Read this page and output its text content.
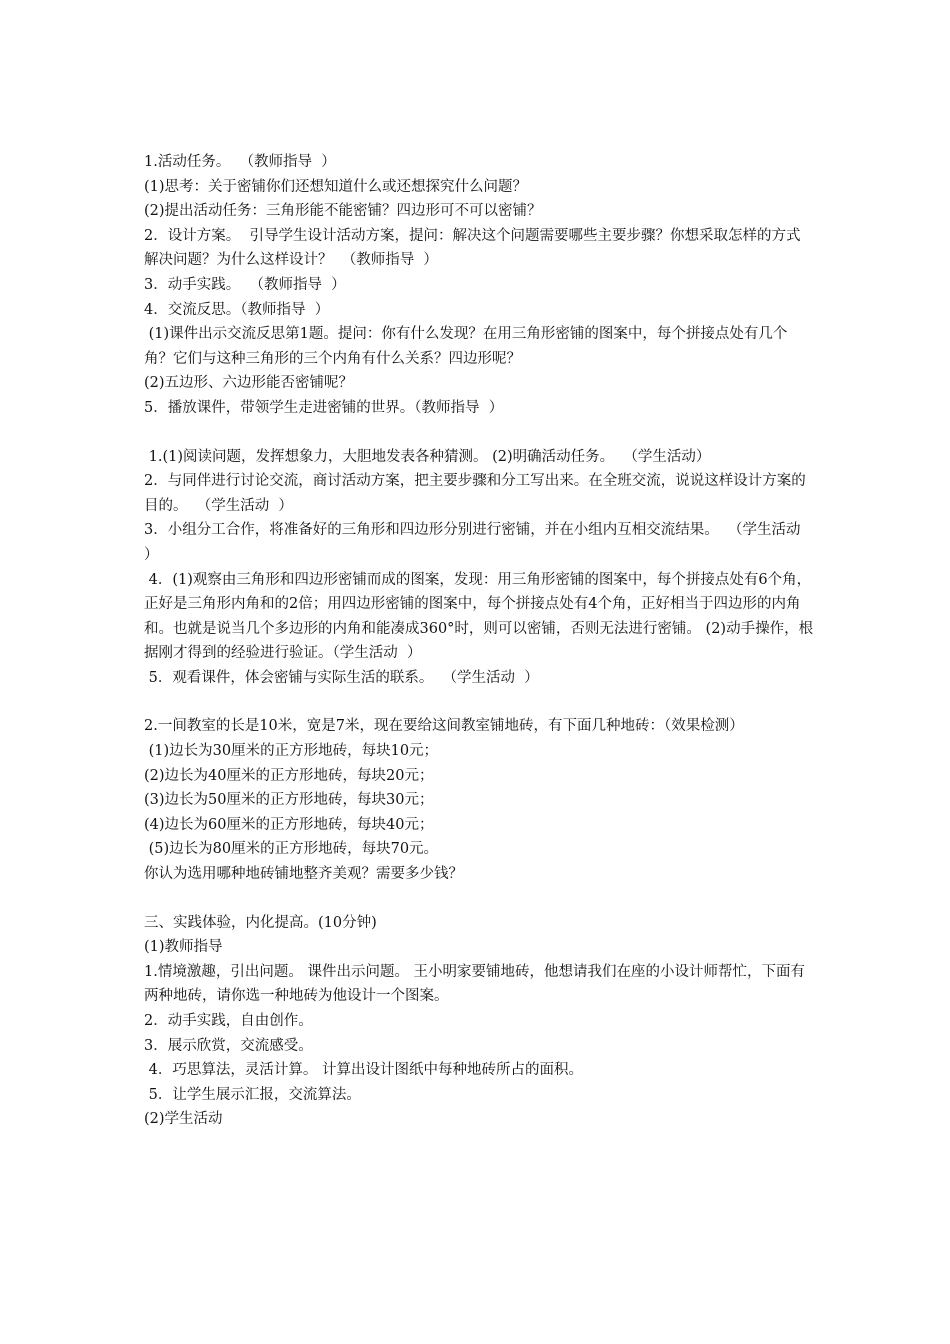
1.活动任务。  （教师指导  ）

(1)思考：关于密铺你们还想知道什么或还想探究什么问题？

(2)提出活动任务：三角形能不能密铺？四边形可不可以密铺？

2．设计方案。  引导学生设计活动方案，提问：解决这个问题需要哪些主要步骤？你想采取怎样的方式解决问题？为什么这样设计？  （教师指导  ）

3．动手实践。  （教师指导  ）

4．交流反思。（教师指导  ）

(1)课件出示交流反思第1题。提问：你有什么发现？在用三角形密铺的图案中，每个拼接点处有几个角？它们与这种三角形的三个内角有什么关系？四边形呢？

(2)五边形、六边形能否密铺呢？

5．播放课件，带领学生走进密铺的世界。（教师指导  ）

1.(1)阅读问题，发挥想象力，大胆地发表各种猜测。 (2)明确活动任务。  （学生活动）

2．与同伴进行讨论交流，商讨活动方案，把主要步骤和分工写出来。在全班交流，说说这样设计方案的目的。  （学生活动  ）

3．小组分工合作，将准备好的三角形和四边形分别进行密铺，并在小组内互相交流结果。  （学生活动  ）

4．(1)观察由三角形和四边形密铺而成的图案，发现：用三角形密铺的图案中，每个拼接点处有6个角，正好是三角形内角和的2倍；用四边形密铺的图案中，每个拼接点处有4个角，正好相当于四边形的内角和。也就是说当几个多边形的内角和能凑成360°时，则可以密铺，否则无法进行密铺。 (2)动手操作，根据刚才得到的经验进行验证。（学生活动  ）

5．观看课件，体会密铺与实际生活的联系。  （学生活动  ）

2.一间教室的长是10米，宽是7米，现在要给这间教室铺地砖，有下面几种地砖：（效果检测）

(1)边长为30厘米的正方形地砖，每块10元；

(2)边长为40厘米的正方形地砖，每块20元；

(3)边长为50厘米的正方形地砖，每块30元；

(4)边长为60厘米的正方形地砖，每块40元；

(5)边长为80厘米的正方形地砖，每块70元。

你认为选用哪种地砖铺地整齐美观？需要多少钱？

三、实践体验，内化提高。(10分钟)

(1)教师指导

1.情境激趣，引出问题。 课件出示问题。 王小明家要铺地砖，他想请我们在座的小设计师帮忙，下面有两种地砖，请你选一种地砖为他设计一个图案。

2．动手实践，自由创作。

3．展示欣赏，交流感受。

4．巧思算法，灵活计算。 计算出设计图纸中每种地砖所占的面积。

5．让学生展示汇报，交流算法。

(2)学生活动
